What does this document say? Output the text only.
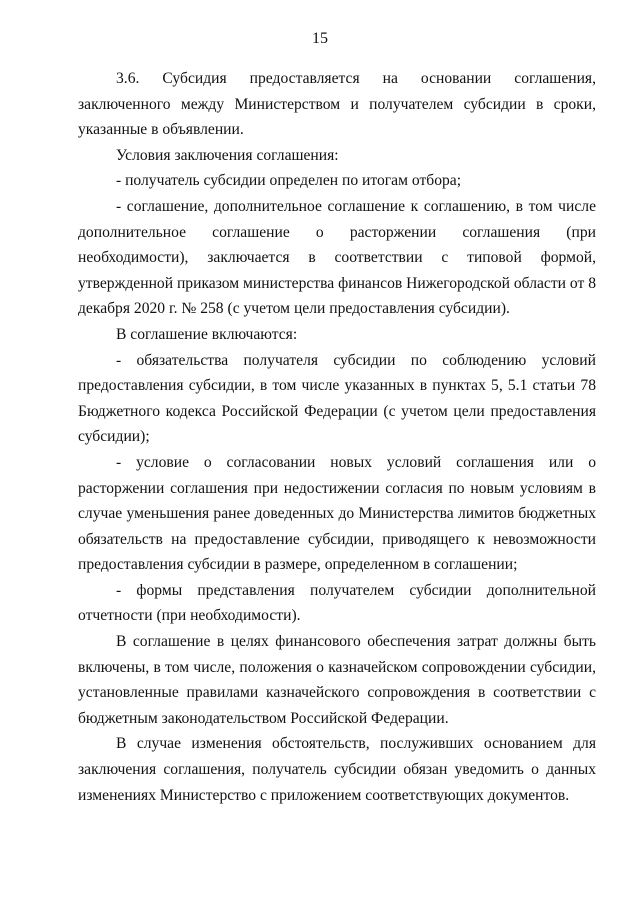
15

3.6. Субсидия предоставляется на основании соглашения, заключенного между Министерством и получателем субсидии в сроки, указанные в объявлении.

Условия заключения соглашения:

- получатель субсидии определен по итогам отбора;

- соглашение, дополнительное соглашение к соглашению, в том числе дополнительное соглашение о расторжении соглашения (при необходимости), заключается в соответствии с типовой формой, утвержденной приказом министерства финансов Нижегородской области от 8 декабря 2020 г. № 258 (с учетом цели предоставления субсидии).

В соглашение включаются:

- обязательства получателя субсидии по соблюдению условий предоставления субсидии, в том числе указанных в пунктах 5, 5.1 статьи 78 Бюджетного кодекса Российской Федерации (с учетом цели предоставления субсидии);

- условие о согласовании новых условий соглашения или о расторжении соглашения при недостижении согласия по новым условиям в случае уменьшения ранее доведенных до Министерства лимитов бюджетных обязательств на предоставление субсидии, приводящего к невозможности предоставления субсидии в размере, определенном в соглашении;

- формы представления получателем субсидии дополнительной отчетности (при необходимости).

В соглашение в целях финансового обеспечения затрат должны быть включены, в том числе, положения о казначейском сопровождении субсидии, установленные правилами казначейского сопровождения в соответствии с бюджетным законодательством Российской Федерации.

В случае изменения обстоятельств, послуживших основанием для заключения соглашения, получатель субсидии обязан уведомить о данных изменениях Министерство с приложением соответствующих документов.
